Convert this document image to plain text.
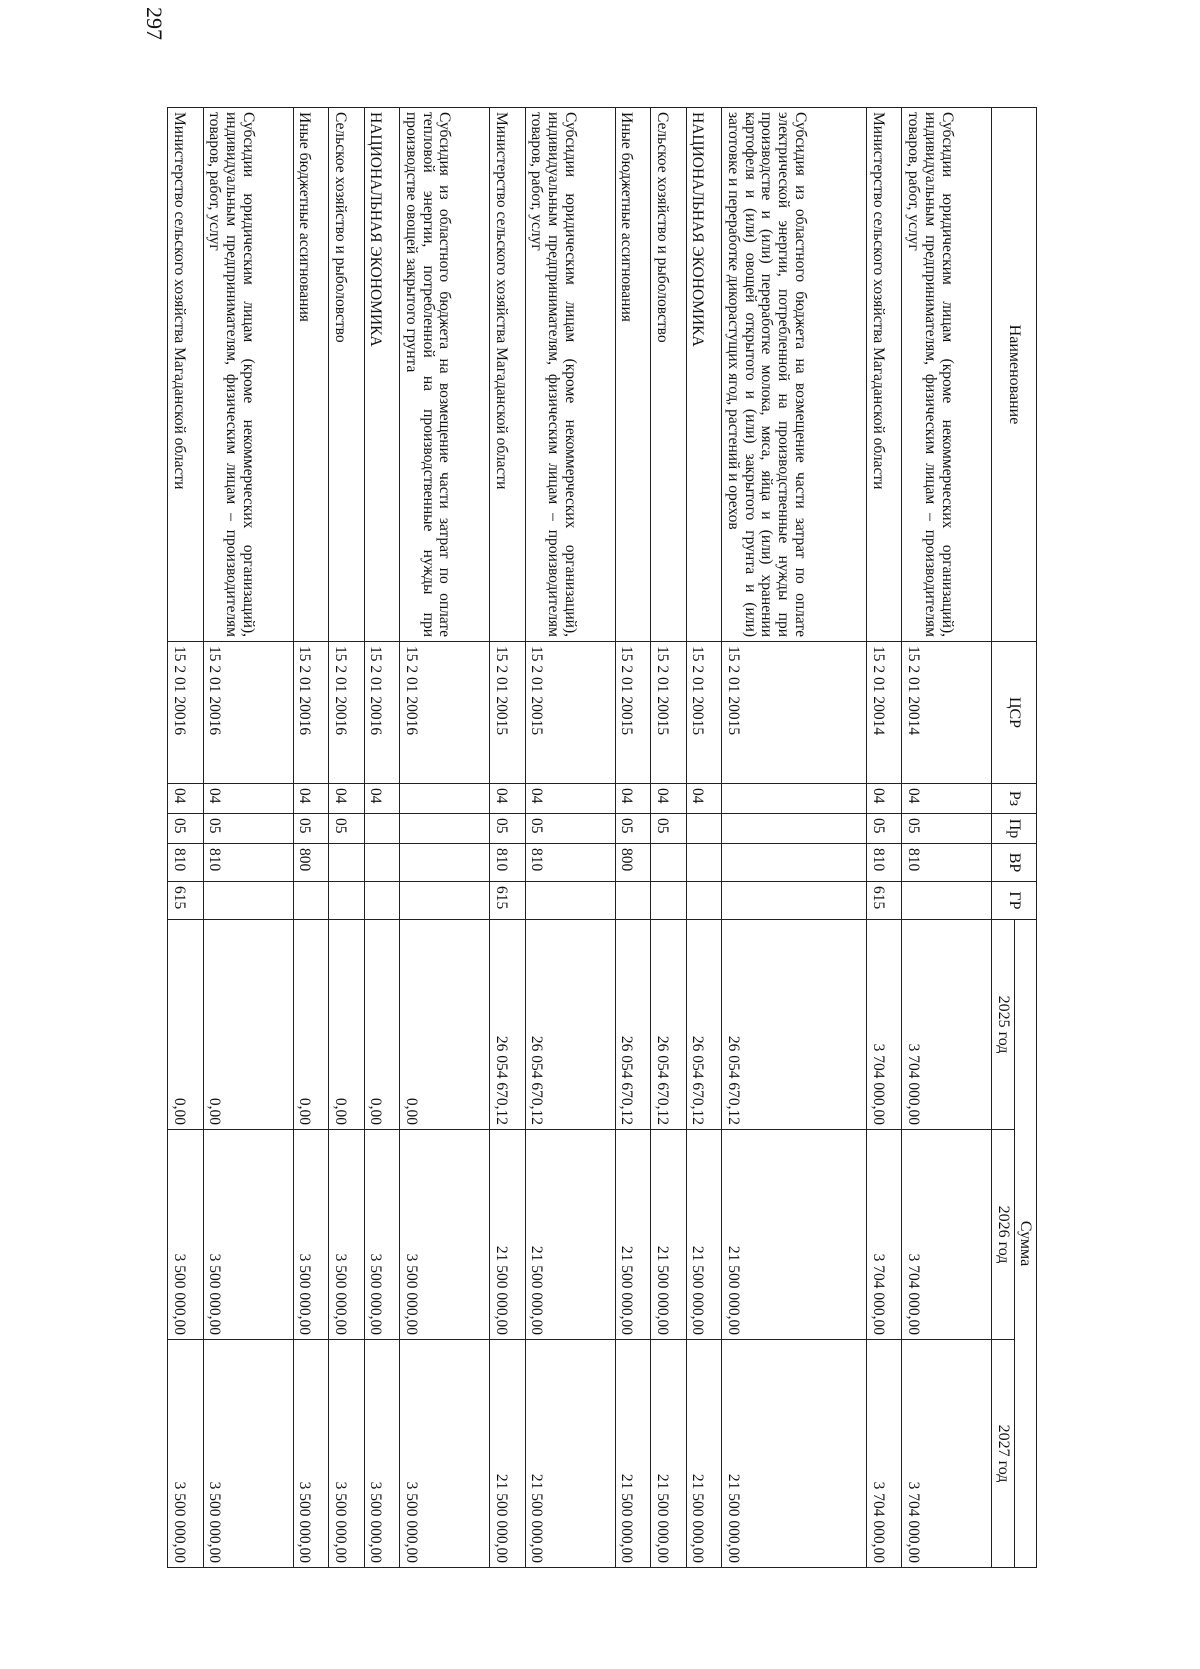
297
Наименование	ЦСР	Рз	Пр	ВР	ГР	Сумма		
						2025 год	2026 год	2027 год
Субсидии юридическим лицам (кроме некоммерческих организаций), индивидуальным предпринимателям, физическим лицам – производителям товаров, работ, услуг	15 2 01 20014	04	05	810		3 704 000,00	3 704 000,00	3 704 000,00
Министерство сельского хозяйства Магаданской области	15 2 01 20014	04	05	810	615	3 704 000,00	3 704 000,00	3 704 000,00
Субсидия из областного бюджета на возмещение части затрат по оплате электрической энергии, потребленной на производственные нужды при производстве и (или) переработке молока, мяса, яйца и (или) хранении картофеля и (или) овощей открытого и (или) закрытого грунта и (или) заготовке и переработке дикорастущих ягод, растений и орехов	15 2 01 20015					26 054 670,12	21 500 000,00	21 500 000,00
НАЦИОНАЛЬНАЯ ЭКОНОМИКА	15 2 01 20015	04				26 054 670,12	21 500 000,00	21 500 000,00
Сельское хозяйство и рыболовство	15 2 01 20015	04	05			26 054 670,12	21 500 000,00	21 500 000,00
Иные бюджетные ассигнования	15 2 01 20015	04	05	800		26 054 670,12	21 500 000,00	21 500 000,00
Субсидии юридическим лицам (кроме некоммерческих организаций), индивидуальным предпринимателям, физическим лицам – производителям товаров, работ, услуг	15 2 01 20015	04	05	810		26 054 670,12	21 500 000,00	21 500 000,00
Министерство сельского хозяйства Магаданской области	15 2 01 20015	04	05	810	615	26 054 670,12	21 500 000,00	21 500 000,00
Субсидия из областного бюджета на возмещение части затрат по оплате тепловой энергии, потребленной на производственные нужды при производстве овощей закрытого грунта	15 2 01 20016					0,00	3 500 000,00	3 500 000,00
НАЦИОНАЛЬНАЯ ЭКОНОМИКА	15 2 01 20016	04				0,00	3 500 000,00	3 500 000,00
Сельское хозяйство и рыболовство	15 2 01 20016	04	05			0,00	3 500 000,00	3 500 000,00
Иные бюджетные ассигнования	15 2 01 20016	04	05	800		0,00	3 500 000,00	3 500 000,00
Субсидии юридическим лицам (кроме некоммерческих организаций), индивидуальным предпринимателям, физическим лицам – производителям товаров, работ, услуг	15 2 01 20016	04	05	810		0,00	3 500 000,00	3 500 000,00
Министерство сельского хозяйства Магаданской области	15 2 01 20016	04	05	810	615	0,00	3 500 000,00	3 500 000,00
